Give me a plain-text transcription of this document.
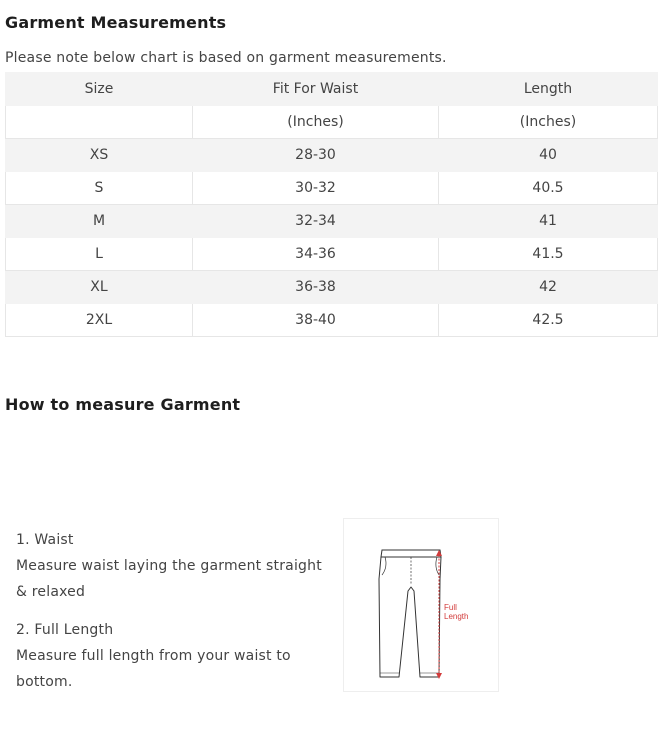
Garment Measurements
Please note below chart is based on garment measurements.
Size	Fit For Waist	Length
	(Inches)	(Inches)
XS	28-30	40
S	30-32	40.5
M	32-34	41
L	34-36	41.5
XL	36-38	42
2XL	38-40	42.5
How to measure Garment
1. Waist
Measure waist laying the garment straight & relaxed
2. Full Length
Measure full length from your waist to bottom.
Full
Length
